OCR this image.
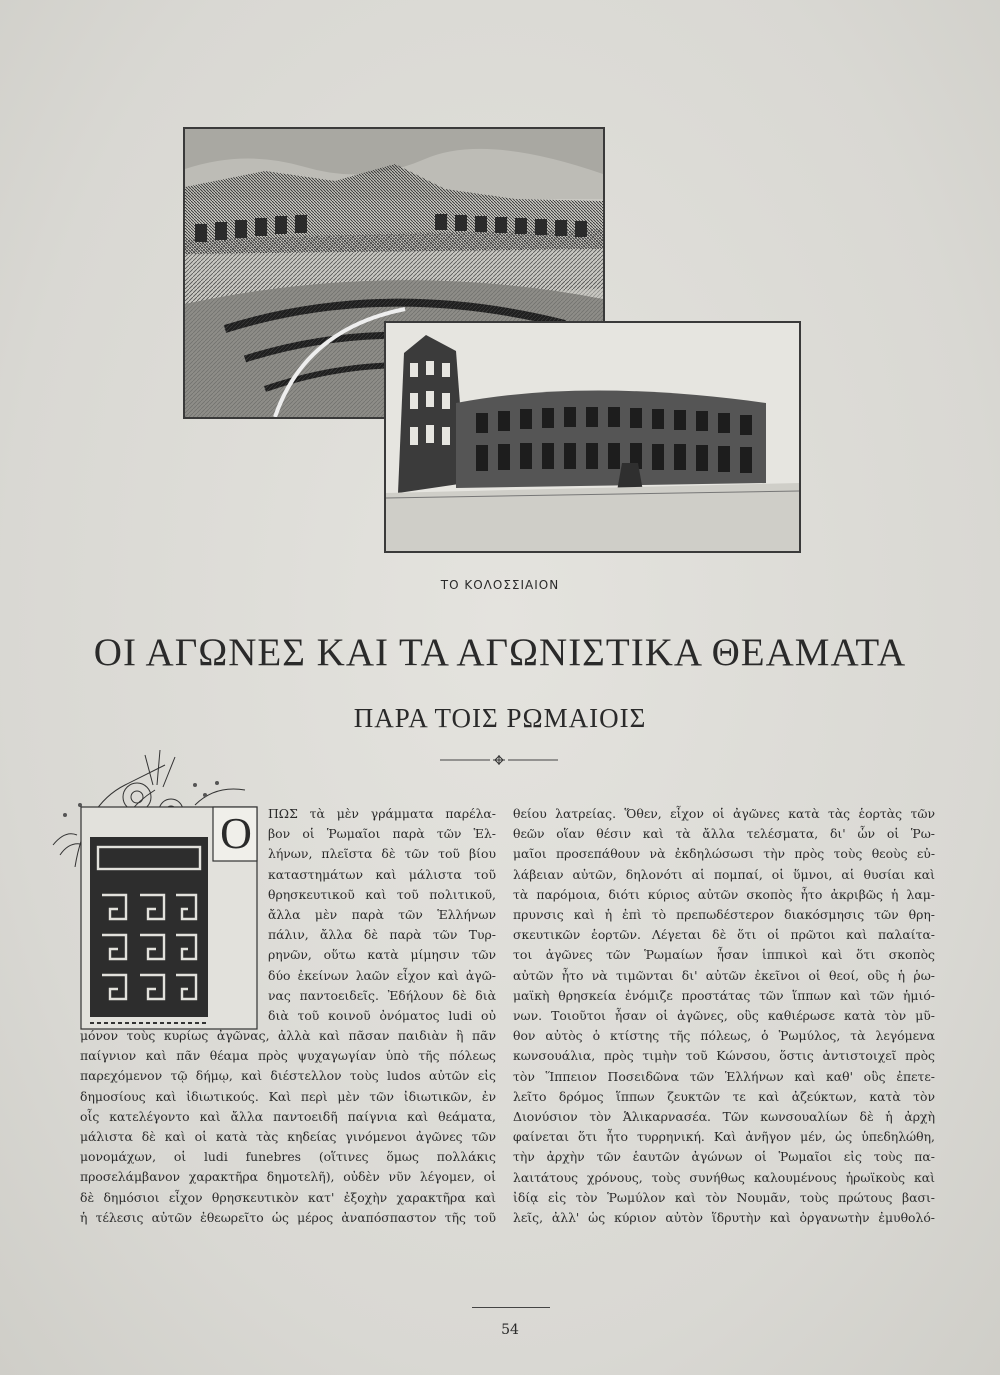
ΤΟ ΚΟΛΟΣΣΙΑΙΟΝ
ΟΙ ΑΓΩΝΕΣ ΚΑΙ ΤΑ ΑΓΩΝΙΣΤΙΚΑ ΘΕΑΜΑΤΑ
ΠΑΡΑ ΤΟΙΣ ΡΩΜΑΙΟΙΣ
Ο	ΠΩΣ τὰ μὲν γράμματα παρέλα-
βον οἱ Ῥωμαῖοι παρὰ τῶν Ἑλ-
λήνων, πλεῖστα δὲ τῶν τοῦ βίου
καταστημάτων καὶ μάλιστα τοῦ
θρησκευτικοῦ καὶ τοῦ πολιτικοῦ,
ἄλλα μὲν παρὰ τῶν Ἑλλήνων
πάλιν, ἄλλα δὲ παρὰ τῶν Τυρ-
ρηνῶν, οὕτω κατὰ μίμησιν τῶν
δύο ἐκείνων λαῶν εἶχον καὶ ἀγῶ-
νας παντοειδεῖς. Ἐδήλουν δὲ διὰ
διὰ τοῦ κοινοῦ ὀνόματος ludi οὐ
μόνον τοὺς κυρίως ἀγῶνας, ἀλλὰ καὶ πᾶσαν παιδιὰν ἢ πᾶν
παίγνιον καὶ πᾶν θέαμα πρὸς ψυχαγωγίαν ὑπὸ τῆς πόλεως
παρεχόμενον τῷ δήμῳ, καὶ διέστελλον τοὺς ludos αὐτῶν εἰς
δημοσίους καὶ ἰδιωτικούς. Καὶ περὶ μὲν τῶν ἰδιωτικῶν, ἐν
οἷς κατελέγοντο καὶ ἄλλα παντοειδῆ παίγνια καὶ θεάματα,
μάλιστα δὲ καὶ οἱ κατὰ τὰς κηδείας γινόμενοι ἀγῶνες τῶν
μονομάχων, οἱ ludi funebres (οἵτινες ὅμως πολλάκις
προσελάμβανον χαρακτῆρα δημοτελῆ), οὐδὲν νῦν λέγομεν, οἱ
δὲ δημόσιοι εἶχον θρησκευτικὸν κατ' ἐξοχὴν χαρακτῆρα καὶ
ἡ τέλεσις αὐτῶν ἐθεωρεῖτο ὡς μέρος ἀναπόσπαστον τῆς τοῦ
θείου λατρείας. Ὅθεν, εἶχον οἱ ἀγῶνες κατὰ τὰς ἑορτὰς τῶν
θεῶν οἵαν θέσιν καὶ τὰ ἄλλα τελέσματα, δι' ὧν οἱ Ῥω-
μαῖοι προσεπάθουν νὰ ἐκδηλώσωσι τὴν πρὸς τοὺς θεοὺς εὐ-
λάβειαν αὐτῶν, δηλονότι αἱ πομπαί, οἱ ὕμνοι, αἱ θυσίαι καὶ
τὰ παρόμοια, διότι κύριος αὐτῶν σκοπὸς ἦτο ἀκριβῶς ἡ λαμ-
πρυνσις καὶ ἡ ἐπὶ τὸ πρεπωδέστερον διακόσμησις τῶν θρη-
σκευτικῶν ἑορτῶν. Λέγεται δὲ ὅτι οἱ πρῶτοι καὶ παλαίτα-
τοι ἀγῶνες τῶν Ῥωμαίων ἦσαν ἱππικοὶ καὶ ὅτι σκοπὸς
αὐτῶν ἦτο νὰ τιμῶνται δι' αὐτῶν ἐκεῖνοι οἱ θεοί, οὓς ἡ ῥω-
μαϊκὴ θρησκεία ἐνόμιζε προστάτας τῶν ἵππων καὶ τῶν ἡμιό-
νων. Τοιοῦτοι ἦσαν οἱ ἀγῶνες, οὓς καθιέρωσε κατὰ τὸν μῦ-
θον αὐτὸς ὁ κτίστης τῆς πόλεως, ὁ Ῥωμύλος, τὰ λεγόμενα
κωνσουάλια, πρὸς τιμὴν τοῦ Κώνσου, ὅστις ἀντιστοιχεῖ πρὸς
τὸν Ἵππειον Ποσειδῶνα τῶν Ἑλλήνων καὶ καθ' οὓς ἐπετε-
λεῖτο δρόμος ἵππων ζευκτῶν τε καὶ ἀζεύκτων, κατὰ τὸν
Διονύσιον τὸν Ἁλικαρνασέα. Τῶν κωνσουαλίων δὲ ἡ ἀρχὴ
φαίνεται ὅτι ἦτο τυρρηνική. Καὶ ἀνῆγον μέν, ὡς ὑπεδηλώθη,
τὴν ἀρχὴν τῶν ἑαυτῶν ἀγώνων οἱ Ῥωμαῖοι εἰς τοὺς πα-
λαιτάτους χρόνους, τοὺς συνήθως καλουμένους ἡρωϊκοὺς καὶ
ἰδίᾳ εἰς τὸν Ῥωμύλον καὶ τὸν Νουμᾶν, τοὺς πρώτους βασι-
λεῖς, ἀλλ' ὡς κύριον αὐτὸν ἵδρυτὴν καὶ ὀργανωτὴν ἐμυθολό-
54
